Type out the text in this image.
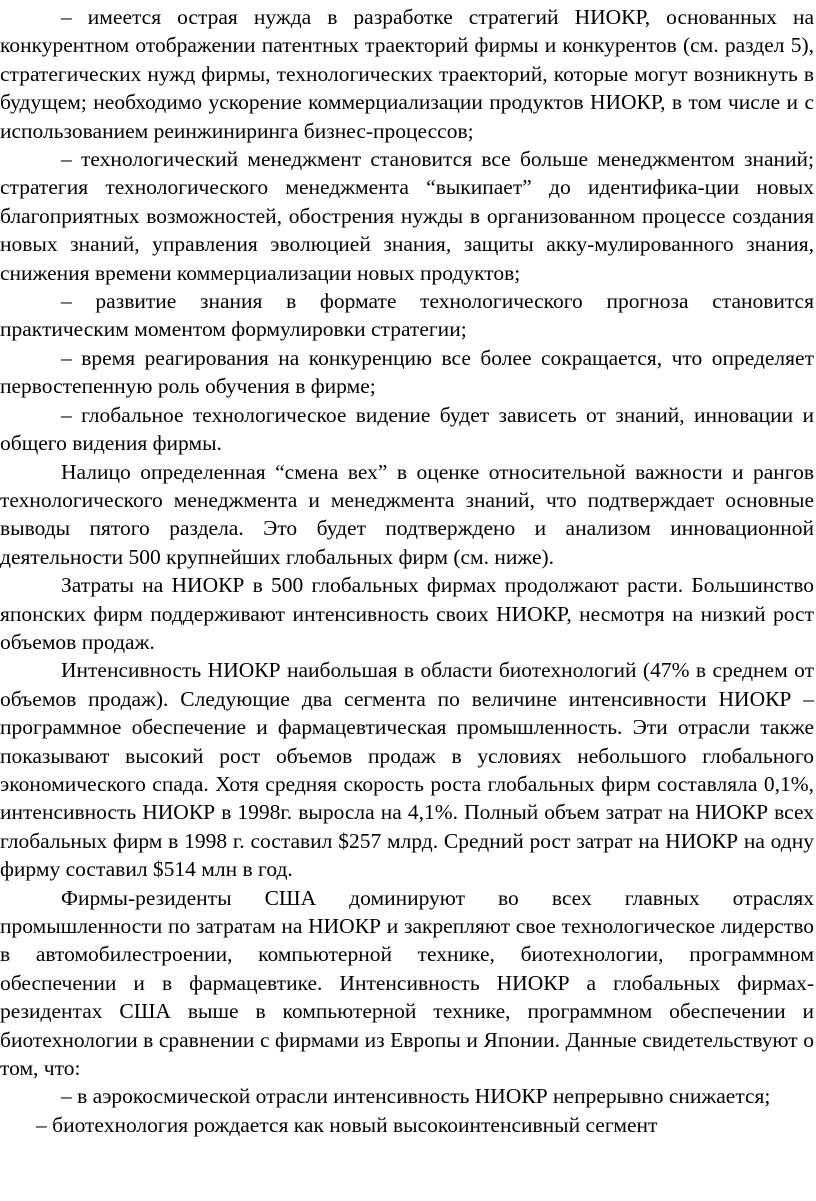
– имеется острая нужда в разработке стратегий НИОКР, основанных на конкурентном отображении патентных траекторий фирмы и конкурентов (см. раздел 5), стратегических нужд фирмы, технологических траекторий, которые могут возникнуть в будущем; необходимо ускорение коммерциализации продуктов НИОКР, в том числе и с использованием реинжиниринга бизнес-процессов;

– технологический менеджмент становится все больше менеджментом знаний; стратегия технологического менеджмента “выкипает” до идентифика-ции новых благоприятных возможностей, обострения нужды в организованном процессе создания новых знаний, управления эволюцией знания, защиты акку-мулированного знания, снижения времени коммерциализации новых продуктов;

– развитие знания в формате технологического прогноза становится практическим моментом формулировки стратегии;

– время реагирования на конкуренцию все более сокращается, что определяет первостепенную роль обучения в фирме;

– глобальное технологическое видение будет зависеть от знаний, инновации и общего видения фирмы.

Налицо определенная “смена вех” в оценке относительной важности и рангов технологического менеджмента и менеджмента знаний, что подтверждает основные выводы пятого раздела. Это будет подтверждено и анализом инновационной деятельности 500 крупнейших глобальных фирм (см. ниже).

Затраты на НИОКР в 500 глобальных фирмах продолжают расти. Большинство японских фирм поддерживают интенсивность своих НИОКР, несмотря на низкий рост объемов продаж.

Интенсивность НИОКР наибольшая в области биотехнологий (47% в среднем от объемов продаж). Следующие два сегмента по величине интенсивности НИОКР – программное обеспечение и фармацевтическая промышленность. Эти отрасли также показывают высокий рост объемов продаж в условиях небольшого глобального экономического спада. Хотя средняя скорость роста глобальных фирм составляла 0,1%, интенсивность НИОКР в 1998г. выросла на 4,1%. Полный объем затрат на НИОКР всех глобальных фирм в 1998 г. составил $257 млрд. Средний рост затрат на НИОКР на одну фирму составил $514 млн в год.

Фирмы-резиденты США доминируют во всех главных отраслях промышленности по затратам на НИОКР и закрепляют свое технологическое лидерство в автомобилестроении, компьютерной технике, биотехнологии, программном обеспечении и в фармацевтике. Интенсивность НИОКР а глобальных фирмах-резидентах США выше в компьютерной технике, программном обеспечении и биотехнологии в сравнении с фирмами из Европы и Японии. Данные свидетельствуют о том, что:

– в аэрокосмической отрасли интенсивность НИОКР непрерывно снижается;

– биотехнология рождается как новый высокоинтенсивный сегмент
